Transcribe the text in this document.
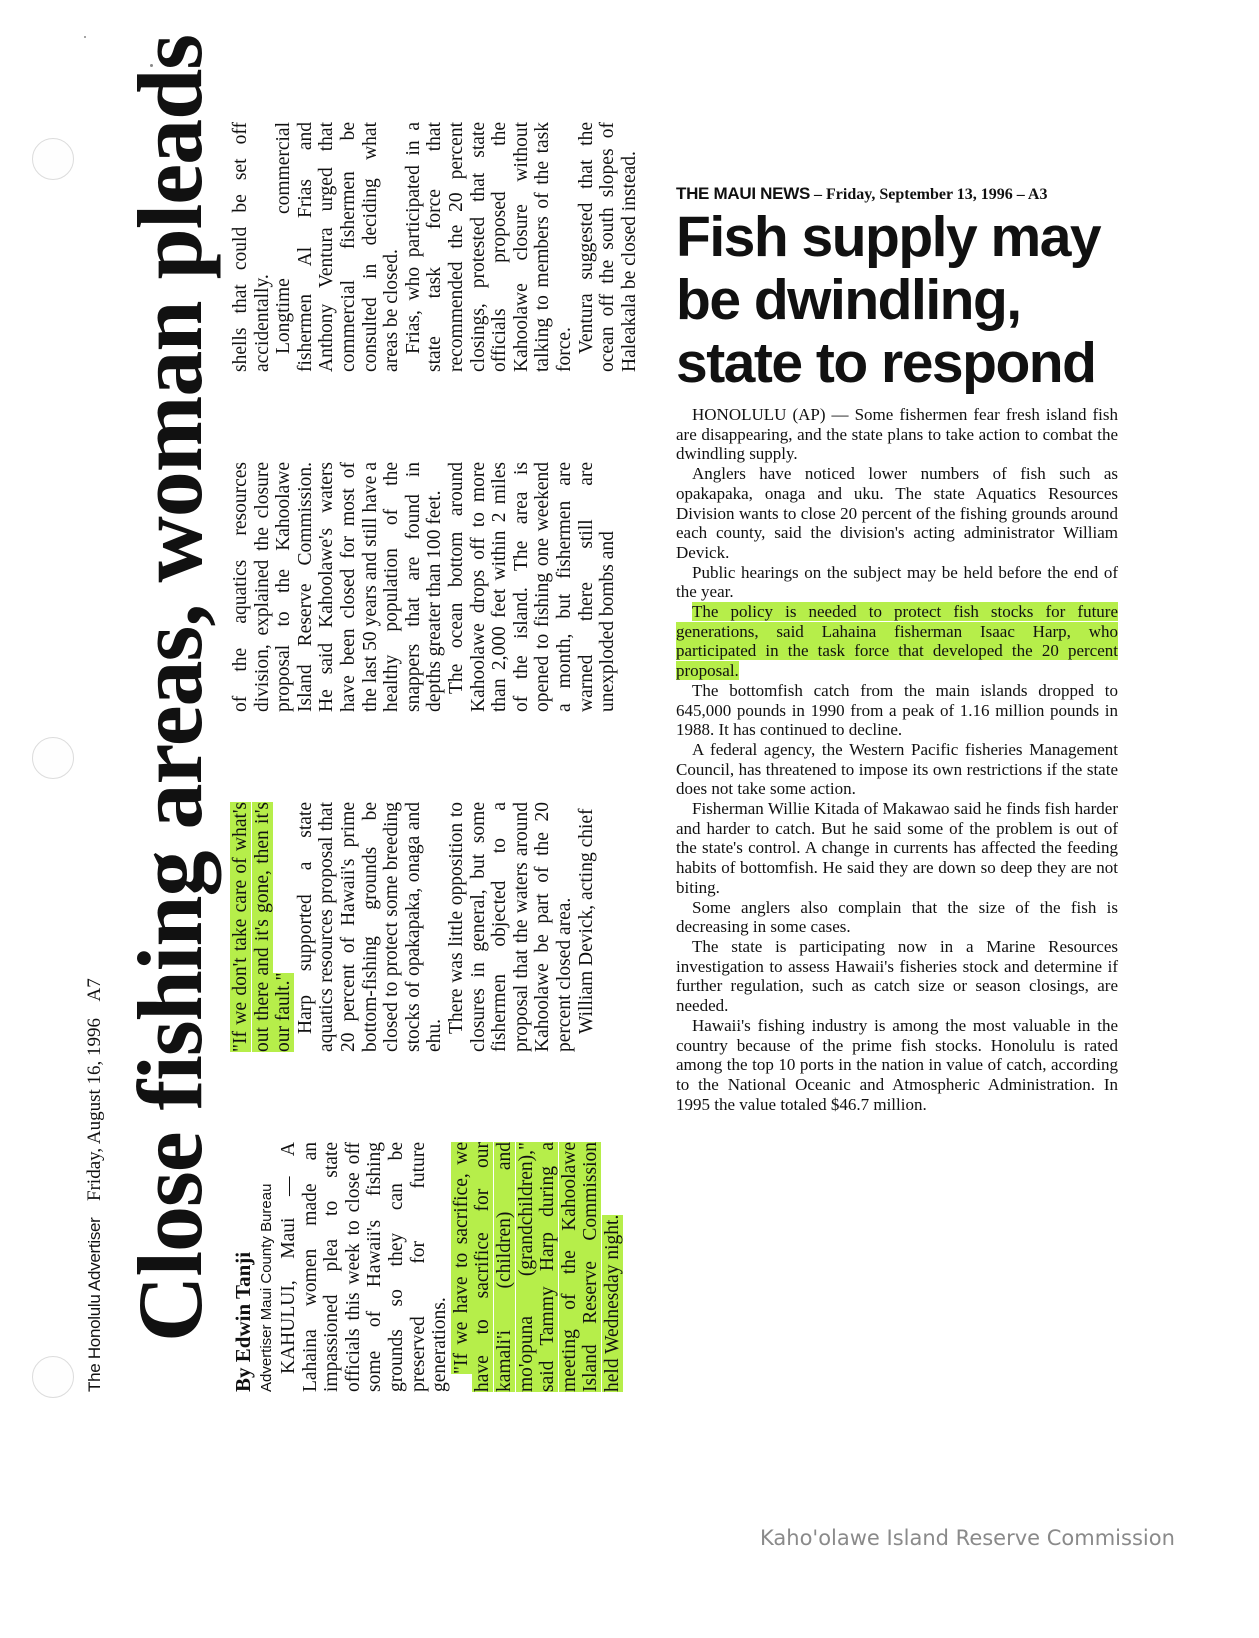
The Honolulu Advertiser Friday, August 16, 1996 A7 Close fishing areas, woman pleads By Edwin Tanji Advertiser Maui County Bureau KAHULUI, Maui — A Lahaina women made an impassioned plea to state officials this week to close off some of Hawaii's fishing grounds so they can be preserved for future generations. "If we have to sacrifice, we have to sacrifice for our kamali'i (children) and mo'opuna (grandchildren)," said Tammy Harp during a meeting of the Kahoolawe Island Reserve Commission held Wednesday night.

"If we don't take care of what's out there and it's gone, then it's our fault." Harp supported a state aquatics resources proposal that 20 percent of Hawaii's prime bottom-fishing grounds be closed to protect some breeding stocks of opakapaka, onaga and ehu.

There was little opposition to closures in general, but some fishermen objected to a proposal that the waters around Kahoolawe be part of the 20 percent closed area. William Devick, acting chief

of the aquatics resources division, explained the closure proposal to the Kahoolawe Island Reserve Commission. He said Kahoolawe's waters have been closed for most of the last 50 years and still have a healthy population of the snappers that are found in depths greater than 100 feet. The ocean bottom around Kahoolawe drops off to more than 2,000 feet within 2 miles of the island. The area is opened to fishing one weekend a month, but fishermen are warned there still are unexploded bombs and

shells that could be set off accidentally. Longtime commercial fishermen Al Frias and Anthony Ventura urged that commercial fishermen be consulted in deciding what areas be closed. Frias, who participated in a state task force that recommended the 20 percent closings, protested that state officials proposed the Kahoolawe closure without talking to members of the task force. Ventura suggested that the ocean off the south slopes of Haleakala be closed instead. THE MAUI NEWS – Friday, September 13, 1996 – A3
Fish supply may be dwindling, state to respond

HONOLULU (AP) — Some fishermen fear fresh island fish are disappearing, and the state plans to take action to combat the dwindling supply.

Anglers have noticed lower numbers of fish such as opakapaka, onaga and uku. The state Aquatics Resources Division wants to close 20 percent of the fishing grounds around each county, said the division's acting administrator William Devick.

Public hearings on the subject may be held before the end of the year.

The policy is needed to protect fish stocks for future generations, said Lahaina fisherman Isaac Harp, who participated in the task force that developed the 20 percent proposal.

The bottomfish catch from the main islands dropped to 645,000 pounds in 1990 from a peak of 1.16 million pounds in 1988. It has continued to decline.

A federal agency, the Western Pacific fisheries Management Council, has threatened to impose its own restrictions if the state does not take some action.

Fisherman Willie Kitada of Makawao said he finds fish harder and harder to catch. But he said some of the problem is out of the state's control. A change in currents has affected the feeding habits of bottomfish. He said they are down so deep they are not biting.

Some anglers also complain that the size of the fish is decreasing in some cases.

The state is participating now in a Marine Resources investigation to assess Hawaii's fisheries stock and determine if further regulation, such as catch size or season closings, are needed.

Hawaii's fishing industry is among the most valuable in the country because of the prime fish stocks. Honolulu is rated among the top 10 ports in the nation in value of catch, according to the National Oceanic and Atmospheric Administration. In 1995 the value totaled $46.7 million.

Kaho'olawe Island Reserve Commission
